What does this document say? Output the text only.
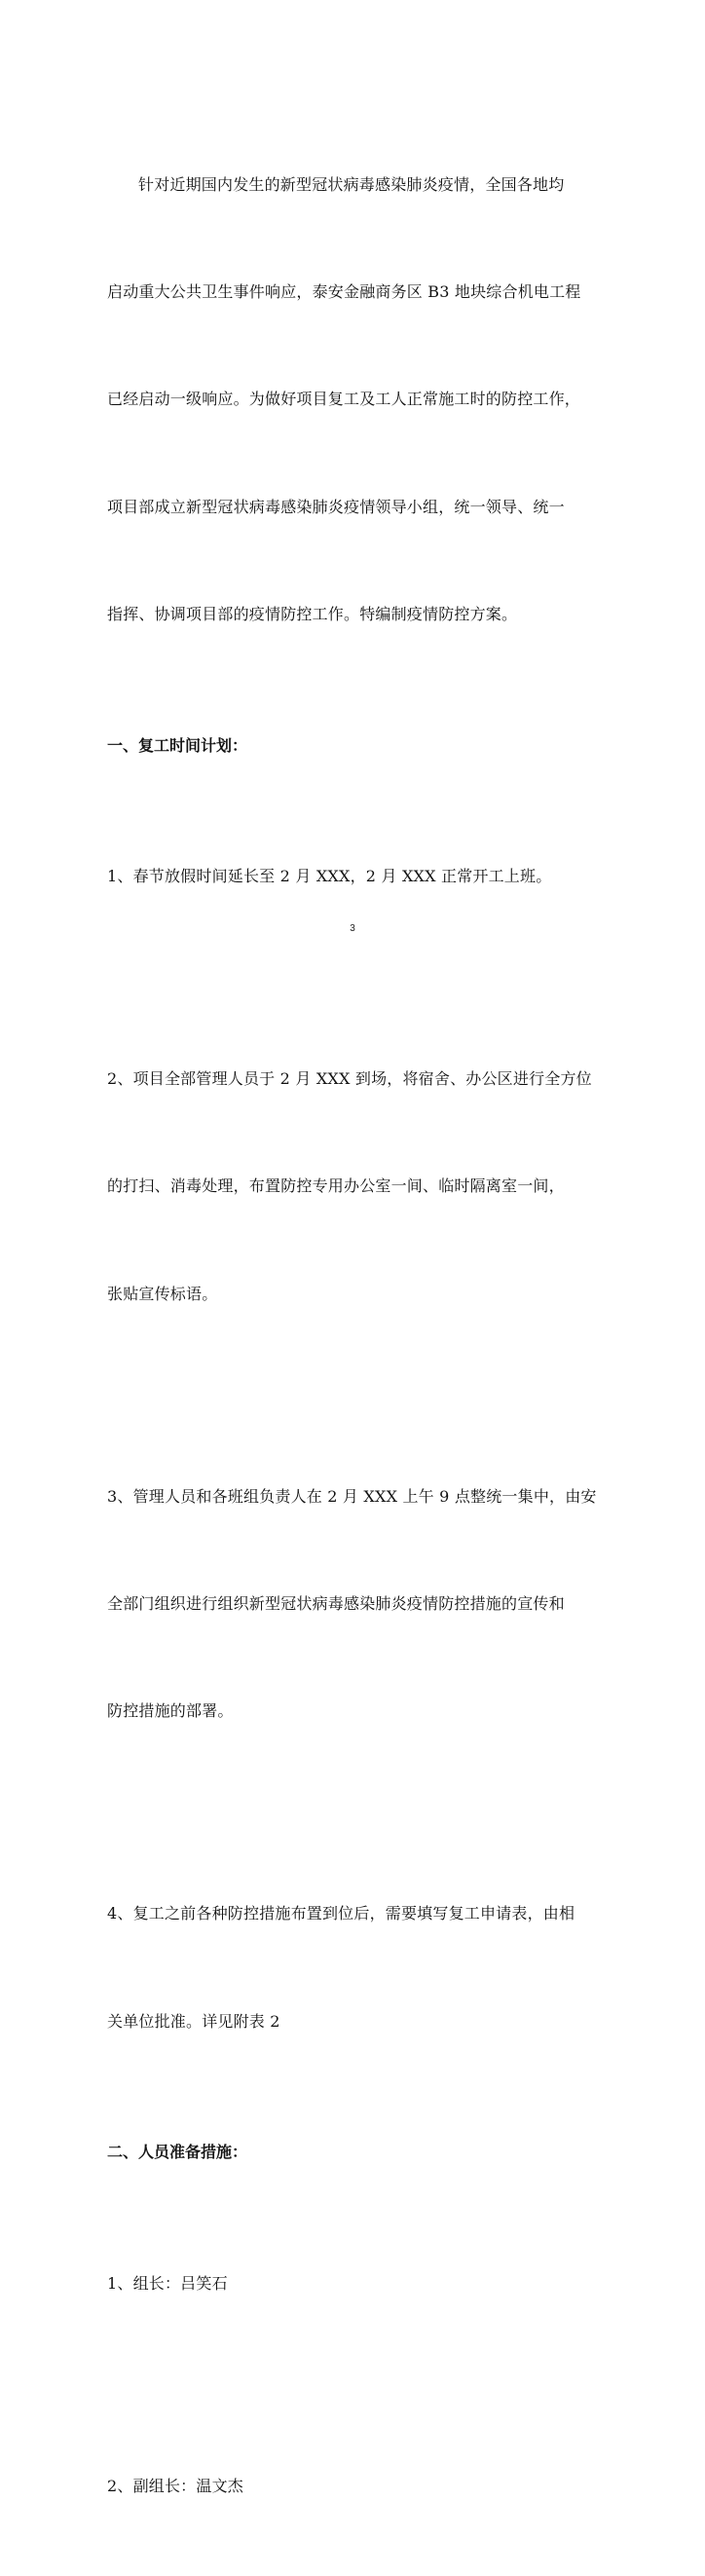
针对近期国内发生的新型冠状病毒感染肺炎疫情，全国各地均

启动重大公共卫生事件响应，泰安金融商务区 B3 地块综合机电工程

已经启动一级响应。为做好项目复工及工人正常施工时的防控工作，

项目部成立新型冠状病毒感染肺炎疫情领导小组，统一领导、统一

指挥、协调项目部的疫情防控工作。特编制疫情防控方案。

一、复工时间计划：

1、春节放假时间延长至 2 月 XXX，2 月 XXX 正常开工上班。

2、项目全部管理人员于 2 月 XXX 到场，将宿舍、办公区进行全方位

的打扫、消毒处理，布置防控专用办公室一间、临时隔离室一间，

张贴宣传标语。

3、管理人员和各班组负责人在 2 月 XXX 上午 9 点整统一集中，由安

全部门组织进行组织新型冠状病毒感染肺炎疫情防控措施的宣传和

防控措施的部署。

4、复工之前各种防控措施布置到位后，需要填写复工申请表，由相

关单位批准。详见附表 2

二、人员准备措施：

1、组长：吕笑石

2、副组长：温文杰

3
